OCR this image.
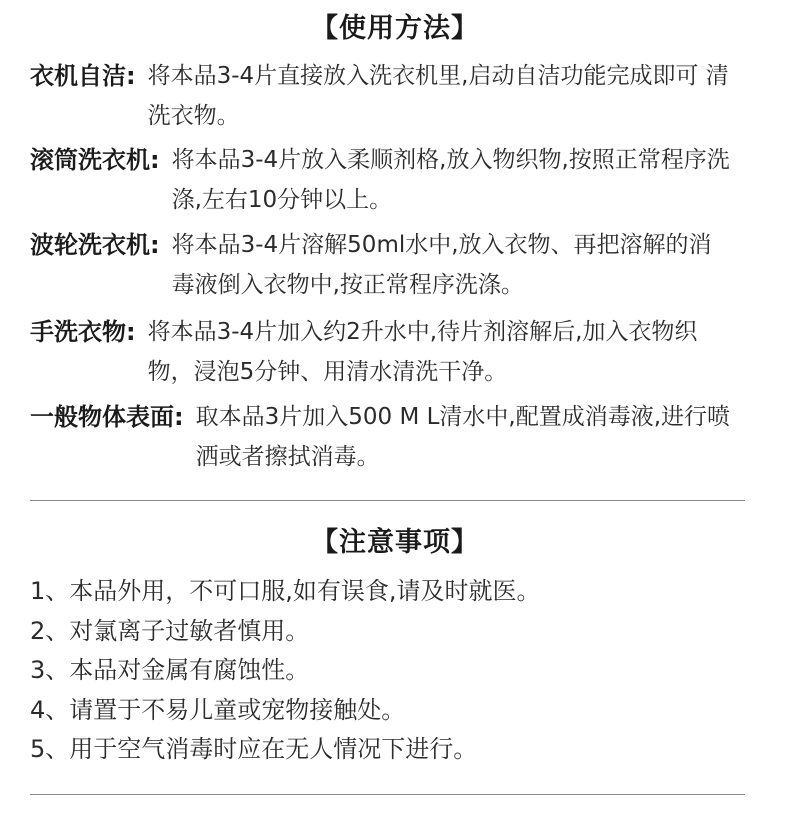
【使用方法】
衣机自洁: 将本品3-4片直接放入洗衣机里,启动自洁功能完成即可 清洗衣物。
滚筒洗衣机: 将本品3-4片放入柔顺剂格,放入物织物,按照正常程序洗涤,左右10分钟以上。
波轮洗衣机: 将本品3-4片溶解50ml水中,放入衣物、再把溶解的消毒液倒入衣物中,按正常程序洗涤。
手洗衣物: 将本品3-4片加入约2升水中,待片剂溶解后,加入衣物织物，浸泡5分钟、用清水清洗干净。
一般物体表面: 取本品3片加入500 M L清水中,配置成消毒液,进行喷洒或者擦拭消毒。
【注意事项】
1、本品外用，不可口服,如有误食,请及时就医。
2、对氯离子过敏者慎用。
3、本品对金属有腐蚀性。
4、请置于不易儿童或宠物接触处。
5、用于空气消毒时应在无人情况下进行。
